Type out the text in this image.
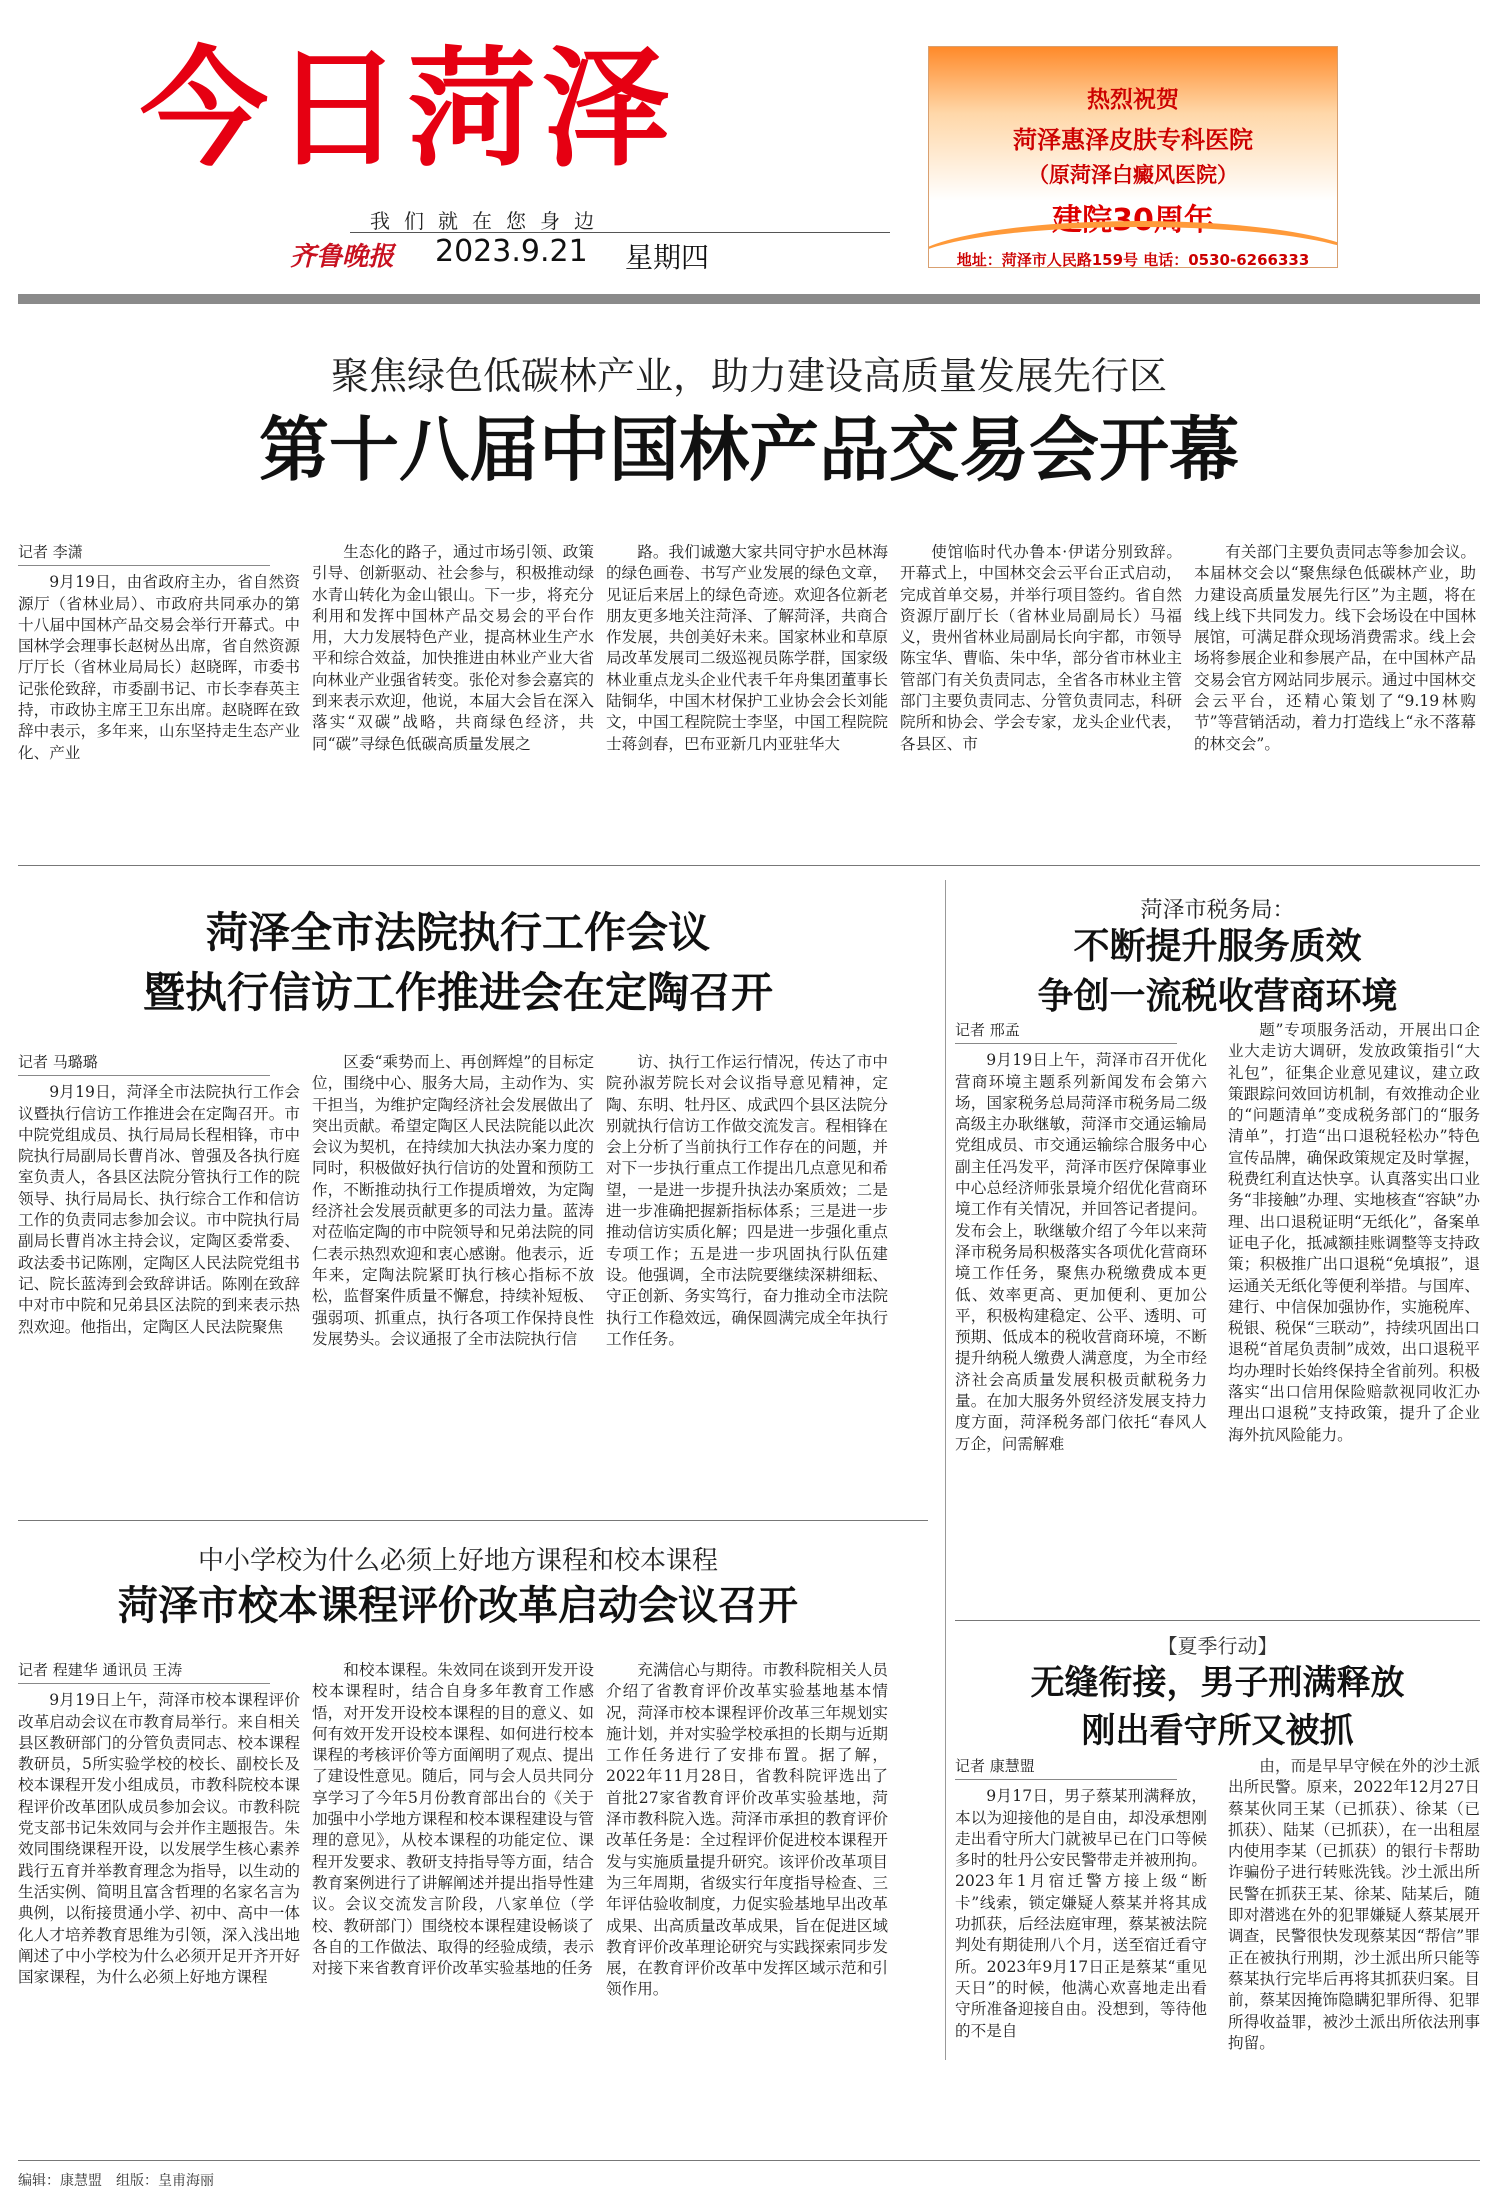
今日菏泽
我们就在您身边
齐鲁晚报 2023.9.21 星期四
热烈祝贺
菏泽惠泽皮肤专科医院
（原菏泽白癜风医院）
建院30周年
地址：菏泽市人民路159号 电话：0530-6266333
聚焦绿色低碳林产业，助力建设高质量发展先行区
第十八届中国林产品交易会开幕

记者 李潇

9月19日，由省政府主办，省自然资源厅（省林业局）、市政府共同承办的第十八届中国林产品交易会举行开幕式。中国林学会理事长赵树丛出席，省自然资源厅厅长（省林业局局长）赵晓晖，市委书记张伦致辞，市委副书记、市长李春英主持，市政协主席王卫东出席。赵晓晖在致辞中表示，多年来，山东坚持走生态产业化、产业

生态化的路子，通过市场引领、政策引导、创新驱动、社会参与，积极推动绿水青山转化为金山银山。下一步，将充分利用和发挥中国林产品交易会的平台作用，大力发展特色产业，提高林业生产水平和综合效益，加快推进由林业产业大省向林业产业强省转变。张伦对参会嘉宾的到来表示欢迎，他说，本届大会旨在深入落实“双碳”战略，共商绿色经济，共同“碳”寻绿色低碳高质量发展之

路。我们诚邀大家共同守护水邑林海的绿色画卷、书写产业发展的绿色文章，见证后来居上的绿色奇迹。欢迎各位新老朋友更多地关注菏泽、了解菏泽，共商合作发展，共创美好未来。国家林业和草原局改革发展司二级巡视员陈学群，国家级林业重点龙头企业代表千年舟集团董事长陆铜华，中国木材保护工业协会会长刘能文，中国工程院院士李坚，中国工程院院士蒋剑春，巴布亚新几内亚驻华大

使馆临时代办鲁本·伊诺分别致辞。开幕式上，中国林交会云平台正式启动，完成首单交易，并举行项目签约。省自然资源厅副厅长（省林业局副局长）马福义，贵州省林业局副局长向宇都，市领导陈宝华、曹临、朱中华，部分省市林业主管部门有关负责同志，全省各市林业主管部门主要负责同志、分管负责同志，科研院所和协会、学会专家，龙头企业代表，各县区、市

有关部门主要负责同志等参加会议。本届林交会以“聚焦绿色低碳林产业，助力建设高质量发展先行区”为主题，将在线上线下共同发力。线下会场设在中国林展馆，可满足群众现场消费需求。线上会场将参展企业和参展产品，在中国林产品交易会官方网站同步展示。通过中国林交会云平台，还精心策划了“9.19林购节”等营销活动，着力打造线上“永不落幕的林交会”。

菏泽全市法院执行工作会议
暨执行信访工作推进会在定陶召开

记者 马璐璐

9月19日，菏泽全市法院执行工作会议暨执行信访工作推进会在定陶召开。市中院党组成员、执行局局长程相锋，市中院执行局副局长曹肖冰、曾强及各执行庭室负责人，各县区法院分管执行工作的院领导、执行局局长、执行综合工作和信访工作的负责同志参加会议。市中院执行局副局长曹肖冰主持会议，定陶区委常委、政法委书记陈刚，定陶区人民法院党组书记、院长蓝涛到会致辞讲话。陈刚在致辞中对市中院和兄弟县区法院的到来表示热烈欢迎。他指出，定陶区人民法院聚焦

区委“乘势而上、再创辉煌”的目标定位，围绕中心、服务大局，主动作为、实干担当，为维护定陶经济社会发展做出了突出贡献。希望定陶区人民法院能以此次会议为契机，在持续加大执法办案力度的同时，积极做好执行信访的处置和预防工作，不断推动执行工作提质增效，为定陶经济社会发展贡献更多的司法力量。蓝涛对莅临定陶的市中院领导和兄弟法院的同仁表示热烈欢迎和衷心感谢。他表示，近年来，定陶法院紧盯执行核心指标不放松，监督案件质量不懈怠，持续补短板、强弱项、抓重点，执行各项工作保持良性发展势头。会议通报了全市法院执行信

访、执行工作运行情况，传达了市中院孙淑芳院长对会议指导意见精神，定陶、东明、牡丹区、成武四个县区法院分别就执行信访工作做交流发言。程相锋在会上分析了当前执行工作存在的问题，并对下一步执行重点工作提出几点意见和希望，一是进一步提升执法办案质效；二是进一步准确把握新指标体系；三是进一步推动信访实质化解；四是进一步强化重点专项工作；五是进一步巩固执行队伍建设。他强调，全市法院要继续深耕细耘、守正创新、务实笃行，奋力推动全市法院执行工作稳效远，确保圆满完成全年执行工作任务。

菏泽市税务局：
不断提升服务质效
争创一流税收营商环境

记者 邢孟

9月19日上午，菏泽市召开优化营商环境主题系列新闻发布会第六场，国家税务总局菏泽市税务局二级高级主办耿继敏，菏泽市交通运输局党组成员、市交通运输综合服务中心副主任冯发平，菏泽市医疗保障事业中心总经济师张景境介绍优化营商环境工作有关情况，并回答记者提问。发布会上，耿继敏介绍了今年以来菏泽市税务局积极落实各项优化营商环境工作任务，聚焦办税缴费成本更低、效率更高、更加便利、更加公平，积极构建稳定、公平、透明、可预期、低成本的税收营商环境，不断提升纳税人缴费人满意度，为全市经济社会高质量发展积极贡献税务力量。在加大服务外贸经济发展支持力度方面，菏泽税务部门依托“春风人万企，问需解难

题”专项服务活动，开展出口企业大走访大调研，发放政策指引“大礼包”，征集企业意见建议，建立政策跟踪问效回访机制，有效推动企业的“问题清单”变成税务部门的“服务清单”，打造“出口退税轻松办”特色宣传品牌，确保政策规定及时掌握，税费红利直达快享。认真落实出口业务“非接触”办理、实地核查“容缺”办理、出口退税证明“无纸化”，备案单证电子化，抵减额挂账调整等支持政策；积极推广出口退税“免填报”，退运通关无纸化等便利举措。与国库、建行、中信保加强协作，实施税库、税银、税保“三联动”，持续巩固出口退税“首尾负责制”成效，出口退税平均办理时长始终保持全省前列。积极落实“出口信用保险赔款视同收汇办理出口退税”支持政策，提升了企业海外抗风险能力。

中小学校为什么必须上好地方课程和校本课程
菏泽市校本课程评价改革启动会议召开

记者 程建华 通讯员 王涛

9月19日上午，菏泽市校本课程评价改革启动会议在市教育局举行。来自相关县区教研部门的分管负责同志、校本课程教研员，5所实验学校的校长、副校长及校本课程开发小组成员，市教科院校本课程评价改革团队成员参加会议。市教科院党支部书记朱效同与会并作主题报告。朱效同围绕课程开设，以发展学生核心素养践行五育并举教育理念为指导，以生动的生活实例、简明且富含哲理的名家名言为典例，以衔接贯通小学、初中、高中一体化人才培养教育思维为引领，深入浅出地阐述了中小学校为什么必须开足开齐开好国家课程，为什么必须上好地方课程

和校本课程。朱效同在谈到开发开设校本课程时，结合自身多年教育工作感悟，对开发开设校本课程的目的意义、如何有效开发开设校本课程、如何进行校本课程的考核评价等方面阐明了观点、提出了建设性意见。随后，同与会人员共同分享学习了今年5月份教育部出台的《关于加强中小学地方课程和校本课程建设与管理的意见》，从校本课程的功能定位、课程开发要求、教研支持指导等方面，结合教育案例进行了讲解阐述并提出指导性建议。会议交流发言阶段，八家单位（学校、教研部门）围绕校本课程建设畅谈了各自的工作做法、取得的经验成绩，表示对接下来省教育评价改革实验基地的任务

充满信心与期待。市教科院相关人员介绍了省教育评价改革实验基地基本情况，菏泽市校本课程评价改革三年规划实施计划，并对实验学校承担的长期与近期工作任务进行了安排布置。据了解，2022年11月28日，省教科院评选出了首批27家省教育评价改革实验基地，菏泽市教科院入选。菏泽市承担的教育评价改革任务是：全过程评价促进校本课程开发与实施质量提升研究。该评价改革项目为三年周期，省级实行年度指导检查、三年评估验收制度，力促实验基地早出改革成果、出高质量改革成果，旨在促进区域教育评价改革理论研究与实践探索同步发展，在教育评价改革中发挥区域示范和引领作用。

【夏季行动】
无缝衔接，男子刑满释放
刚出看守所又被抓

记者 康慧盟

9月17日，男子蔡某刑满释放，本以为迎接他的是自由，却没承想刚走出看守所大门就被早已在门口等候多时的牡丹公安民警带走并被刑拘。2023年1月宿迁警方接上级“断卡”线索，锁定嫌疑人蔡某并将其成功抓获，后经法庭审理，蔡某被法院判处有期徒刑八个月，送至宿迁看守所。2023年9月17日正是蔡某“重见天日”的时候，他满心欢喜地走出看守所准备迎接自由。没想到，等待他的不是自

由，而是早早守候在外的沙土派出所民警。原来，2022年12月27日蔡某伙同王某（已抓获）、徐某（已抓获）、陆某（已抓获），在一出租屋内使用李某（已抓获）的银行卡帮助诈骗份子进行转账洗钱。沙土派出所民警在抓获王某、徐某、陆某后，随即对潜逃在外的犯罪嫌疑人蔡某展开调查，民警很快发现蔡某因“帮信”罪正在被执行刑期，沙土派出所只能等蔡某执行完毕后再将其抓获归案。目前，蔡某因掩饰隐瞒犯罪所得、犯罪所得收益罪，被沙土派出所依法刑事拘留。

编辑：康慧盟　组版：皇甫海丽
